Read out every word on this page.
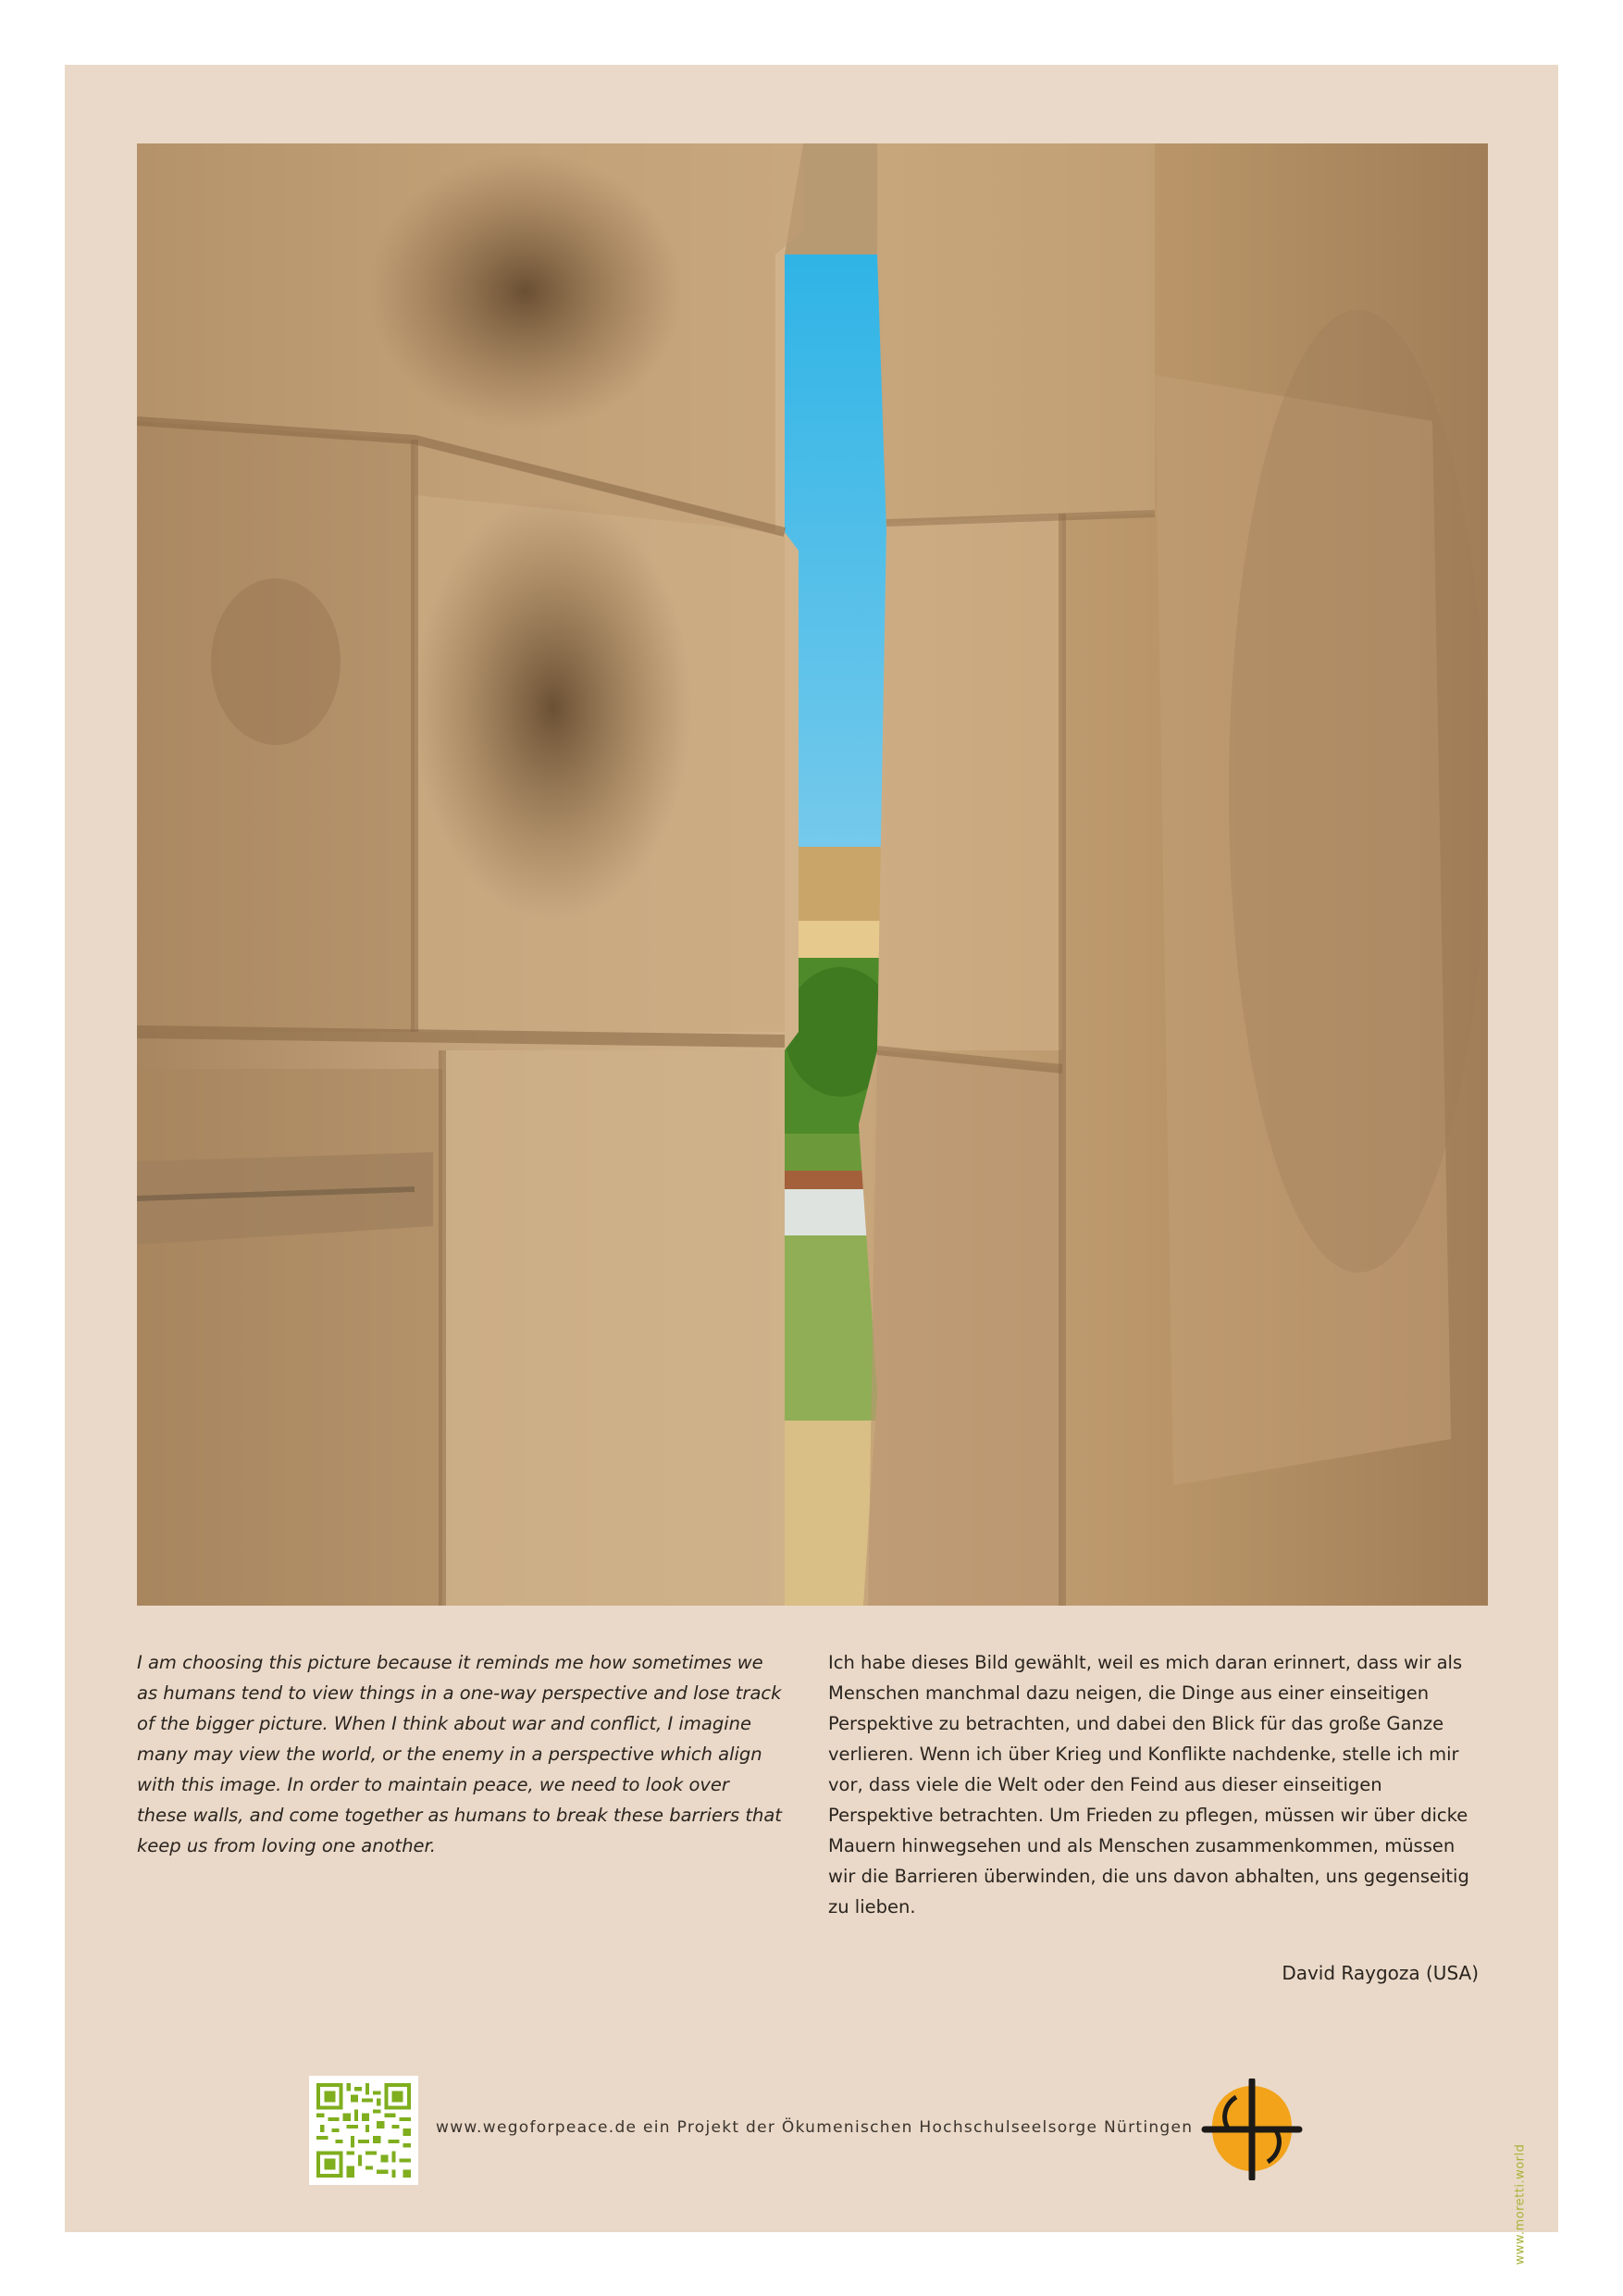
I am choosing this picture because it reminds me how sometimes we as humans tend to view things in a one-way perspective and lose track of the bigger picture. When I think about war and conflict, I imagine many may view the world, or the enemy in a perspective which align with this image. In order to maintain peace, we need to look over these walls, and come together as humans to break these barriers that keep us from loving one another.

Ich habe dieses Bild gewählt, weil es mich daran erinnert, dass wir als Menschen manchmal dazu neigen, die Dinge aus einer einseitigen Perspektive zu betrachten, und dabei den Blick für das große Ganze verlieren. Wenn ich über Krieg und Konflikte nachdenke, stelle ich mir vor, dass viele die Welt oder den Feind aus dieser einseitigen Perspektive betrachten. Um Frieden zu pflegen, müssen wir über dicke Mauern hinwegsehen und als Menschen zusammenkommen, müssen wir die Barrieren überwinden, die uns davon abhalten, uns gegenseitig zu lieben.

David Raygoza (USA)
www.wegoforpeace.de ein Projekt der Ökumenischen Hochschulseelsorge Nürtingen
www.moretti.world
